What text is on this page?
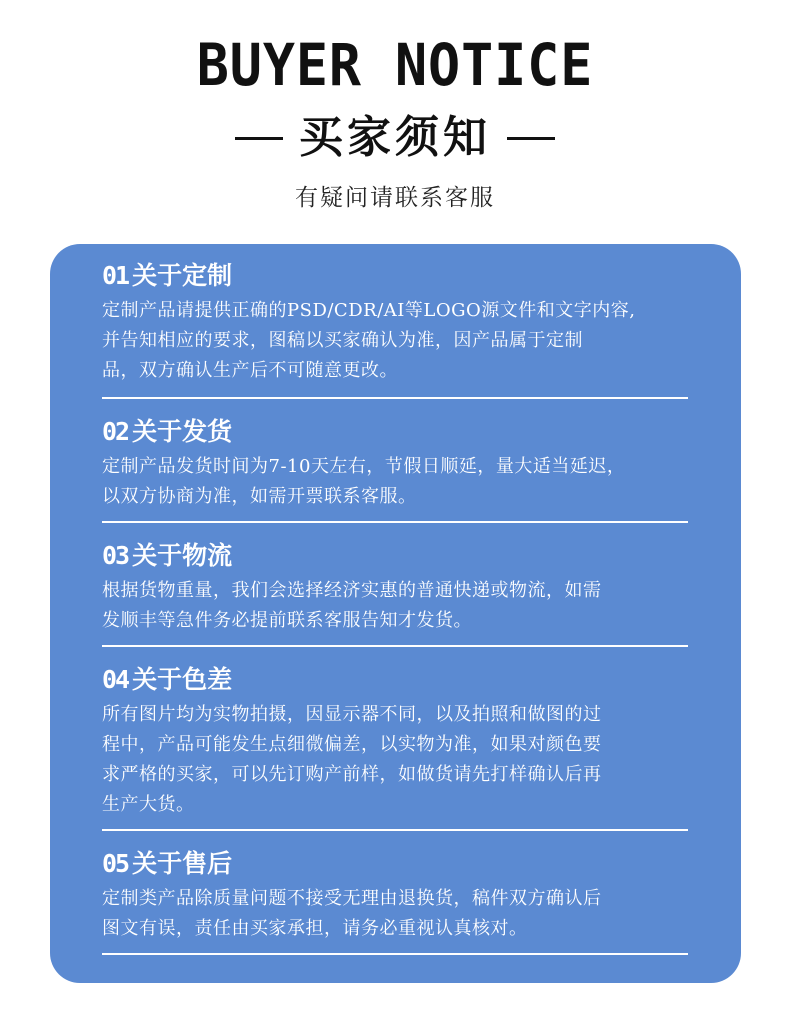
BUYER NOTICE
买家须知
有疑问请联系客服
01 关于定制
定制产品请提供正确的PSD/CDR/AI等LOGO源文件和文字内容,
并告知相应的要求，图稿以买家确认为准，因产品属于定制
品，双方确认生产后不可随意更改。
02 关于发货
定制产品发货时间为7-10天左右，节假日顺延，量大适当延迟，
以双方协商为准，如需开票联系客服。
03 关于物流
根据货物重量，我们会选择经济实惠的普通快递或物流，如需
发顺丰等急件务必提前联系客服告知才发货。
04 关于色差
所有图片均为实物拍摄，因显示器不同，以及拍照和做图的过
程中，产品可能发生点细微偏差，以实物为准，如果对颜色要
求严格的买家，可以先订购产前样，如做货请先打样确认后再
生产大货。
05 关于售后
定制类产品除质量问题不接受无理由退换货，稿件双方确认后
图文有误，责任由买家承担，请务必重视认真核对。
